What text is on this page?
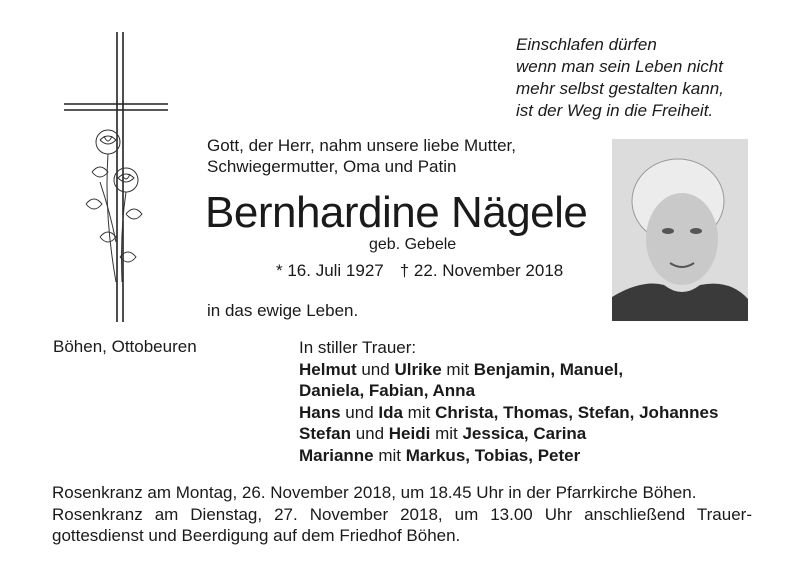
Einschlafen dürfen
wenn man sein Leben nicht
mehr selbst gestalten kann,
ist der Weg in die Freiheit.
Gott, der Herr, nahm unsere liebe Mutter,
Schwiegermutter, Oma und Patin
Bernhardine Nägele
geb. Gebele
* 16. Juli 1927 † 22. November 2018
in das ewige Leben.
Böhen, Ottobeuren	In stiller Trauer:
Helmut und Ulrike mit Benjamin, Manuel,
Daniela, Fabian, Anna
Hans und Ida mit Christa, Thomas, Stefan, Johannes
Stefan und Heidi mit Jessica, Carina
Marianne mit Markus, Tobias, Peter
Rosenkranz am Montag, 26. November 2018, um 18.45 Uhr in der Pfarrkirche Böhen.
Rosenkranz am Dienstag, 27. November 2018, um 13.00 Uhr anschließend Trauer-
gottesdienst und Beerdigung auf dem Friedhof Böhen.
